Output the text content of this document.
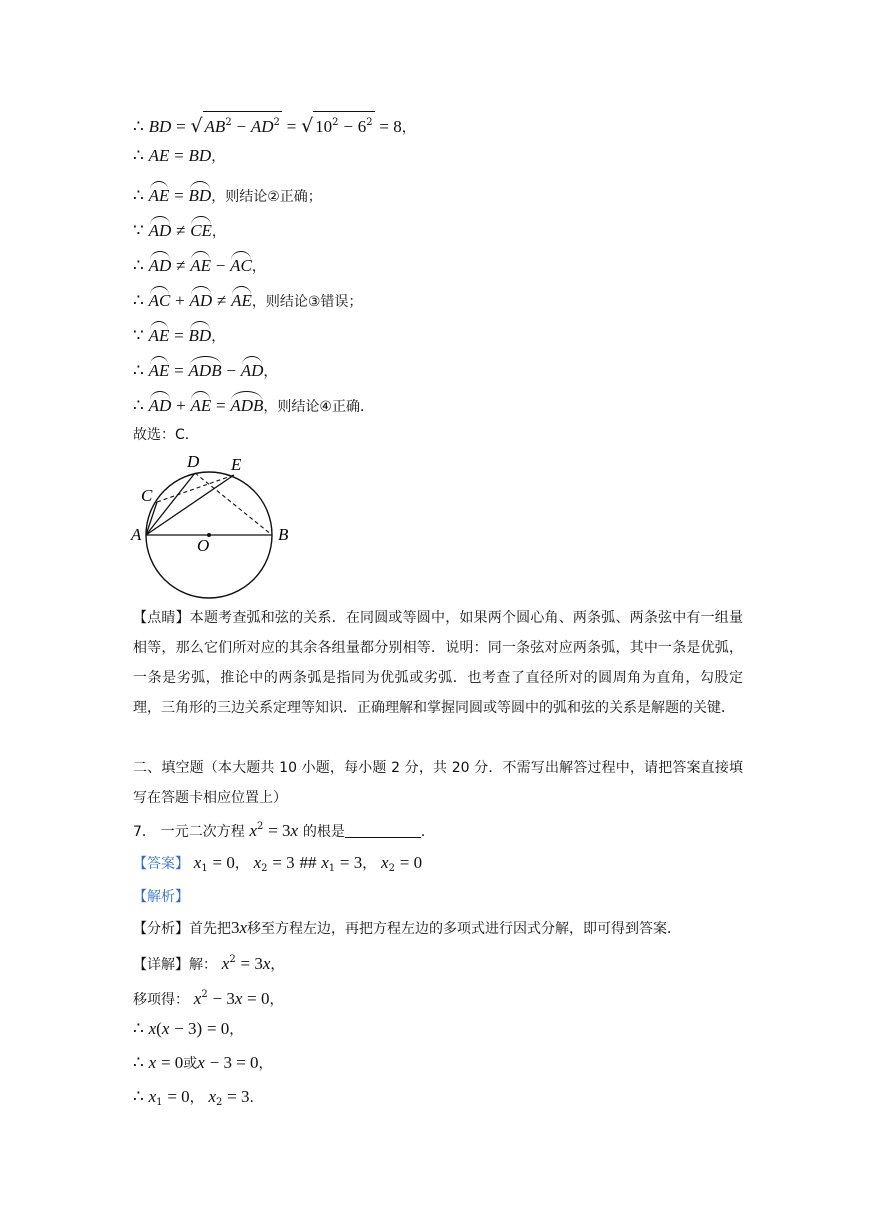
∴ BD = √ $AB^2 - AD^2$ = √ $10^2 - 6^2 = 8$，
∴ AE = BD，
∴ AE = BD，则结论②正确；
∵ AD ≠ CE，
∴ AD ≠ AE − AC，
∴ AC + AD ≠ AE，则结论③错误；
∵ AE = BD，
∴ AE = ADB − AD，
∴ AD + AE = ADB，则结论④正确．
故选：C．
D E
C
A
O
B
【点睛】本题考查弧和弦的关系．在同圆或等圆中，如果两个圆心角、两条弧、两条弦中有一组量相等，那么它们所对应的其余各组量都分别相等．说明：同一条弦对应两条弧，其中一条是优弧，一条是劣弧，推论中的两条弧是指同为优弧或劣弧．也考查了直径所对的圆周角为直角，勾股定理，三角形的三边关系定理等知识．正确理解和掌握同圆或等圆中的弧和弦的关系是解题的关键．
二、填空题（本大题共 10 小题，每小题 2 分，共 20 分．不需写出解答过程中，请把答案直接填写在答题卡相应位置上）
7． 一元二次方程 $x^2 = 3x$ 的根是	．
【答案】 $x_1 = 0$， $x_2 = 3$ ## $x_1 = 3$， $x_2 = 0$
【解析】
【分析】首先把3x移至方程左边，再把方程左边的多项式进行因式分解，即可得到答案．
【详解】解： $x^2 = 3x$，
移项得： $x^2 - 3x = 0$，
∴ x(x − 3) = 0，
∴ x = 0或x − 3 = 0，
∴ $x_1 = 0$， $x_2 = 3$．
